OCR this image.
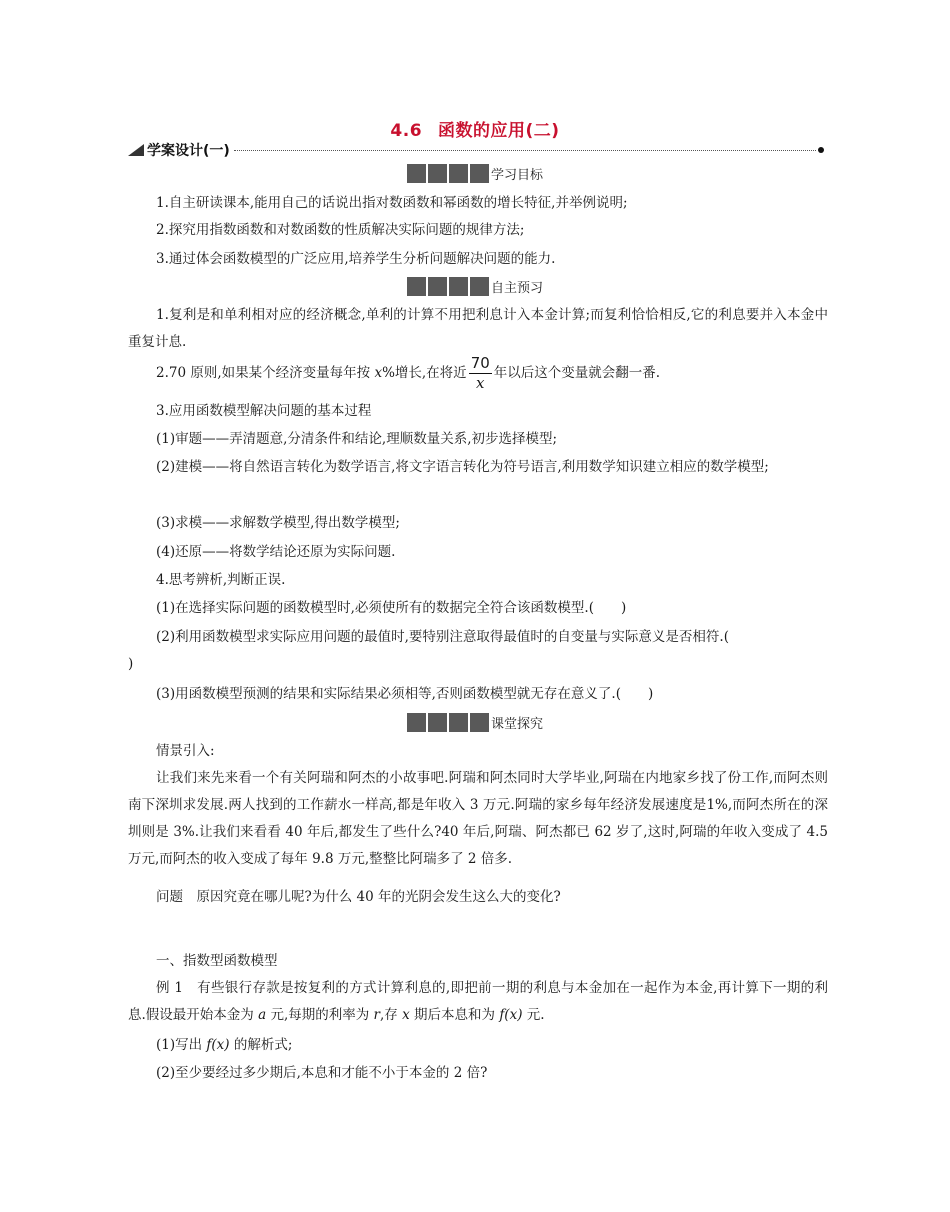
4.6 函数的应用(二)
学案设计(一)
学习目标
1.自主研读课本,能用自己的话说出指对数函数和幂函数的增长特征,并举例说明;
2.探究用指数函数和对数函数的性质解决实际问题的规律方法;
3.通过体会函数模型的广泛应用,培养学生分析问题解决问题的能力.
自主预习
1.复利是和单利相对应的经济概念,单利的计算不用把利息计入本金计算;而复利恰恰相反,它的利息要并入本金中重复计息.
2.70 原则,如果某个经济变量每年按 x%增长,在将近 $\frac{70}{x}$ 年以后这个变量就会翻一番.
3.应用函数模型解决问题的基本过程
(1)审题——弄清题意,分清条件和结论,理顺数量关系,初步选择模型;
(2)建模——将自然语言转化为数学语言,将文字语言转化为符号语言,利用数学知识建立相应的数学模型;
(3)求模——求解数学模型,得出数学模型;
(4)还原——将数学结论还原为实际问题.
4.思考辨析,判断正误.
(1)在选择实际问题的函数模型时,必须使所有的数据完全符合该函数模型.(　　)
(2)利用函数模型求实际应用问题的最值时,要特别注意取得最值时的自变量与实际意义是否相符.(
)
(3)用函数模型预测的结果和实际结果必须相等,否则函数模型就无存在意义了.(　　)
课堂探究
情景引入:
让我们来先来看一个有关阿瑞和阿杰的小故事吧.阿瑞和阿杰同时大学毕业,阿瑞在内地家乡找了份工作,而阿杰则南下深圳求发展.两人找到的工作薪水一样高,都是年收入 3 万元.阿瑞的家乡每年经济发展速度是1%,而阿杰所在的深圳则是 3%.让我们来看看 40 年后,都发生了些什么?40 年后,阿瑞、阿杰都已 62 岁了,这时,阿瑞的年收入变成了 4.5 万元,而阿杰的收入变成了每年 9.8 万元,整整比阿瑞多了 2 倍多.
问题　原因究竟在哪儿呢?为什么 40 年的光阴会发生这么大的变化?
一、指数型函数模型
例 1　有些银行存款是按复利的方式计算利息的,即把前一期的利息与本金加在一起作为本金,再计算下一期的利息.假设最开始本金为 a 元,每期的利率为 r,存 x 期后本息和为 f(x) 元.
(1)写出 f(x) 的解析式;
(2)至少要经过多少期后,本息和才能不小于本金的 2 倍?
